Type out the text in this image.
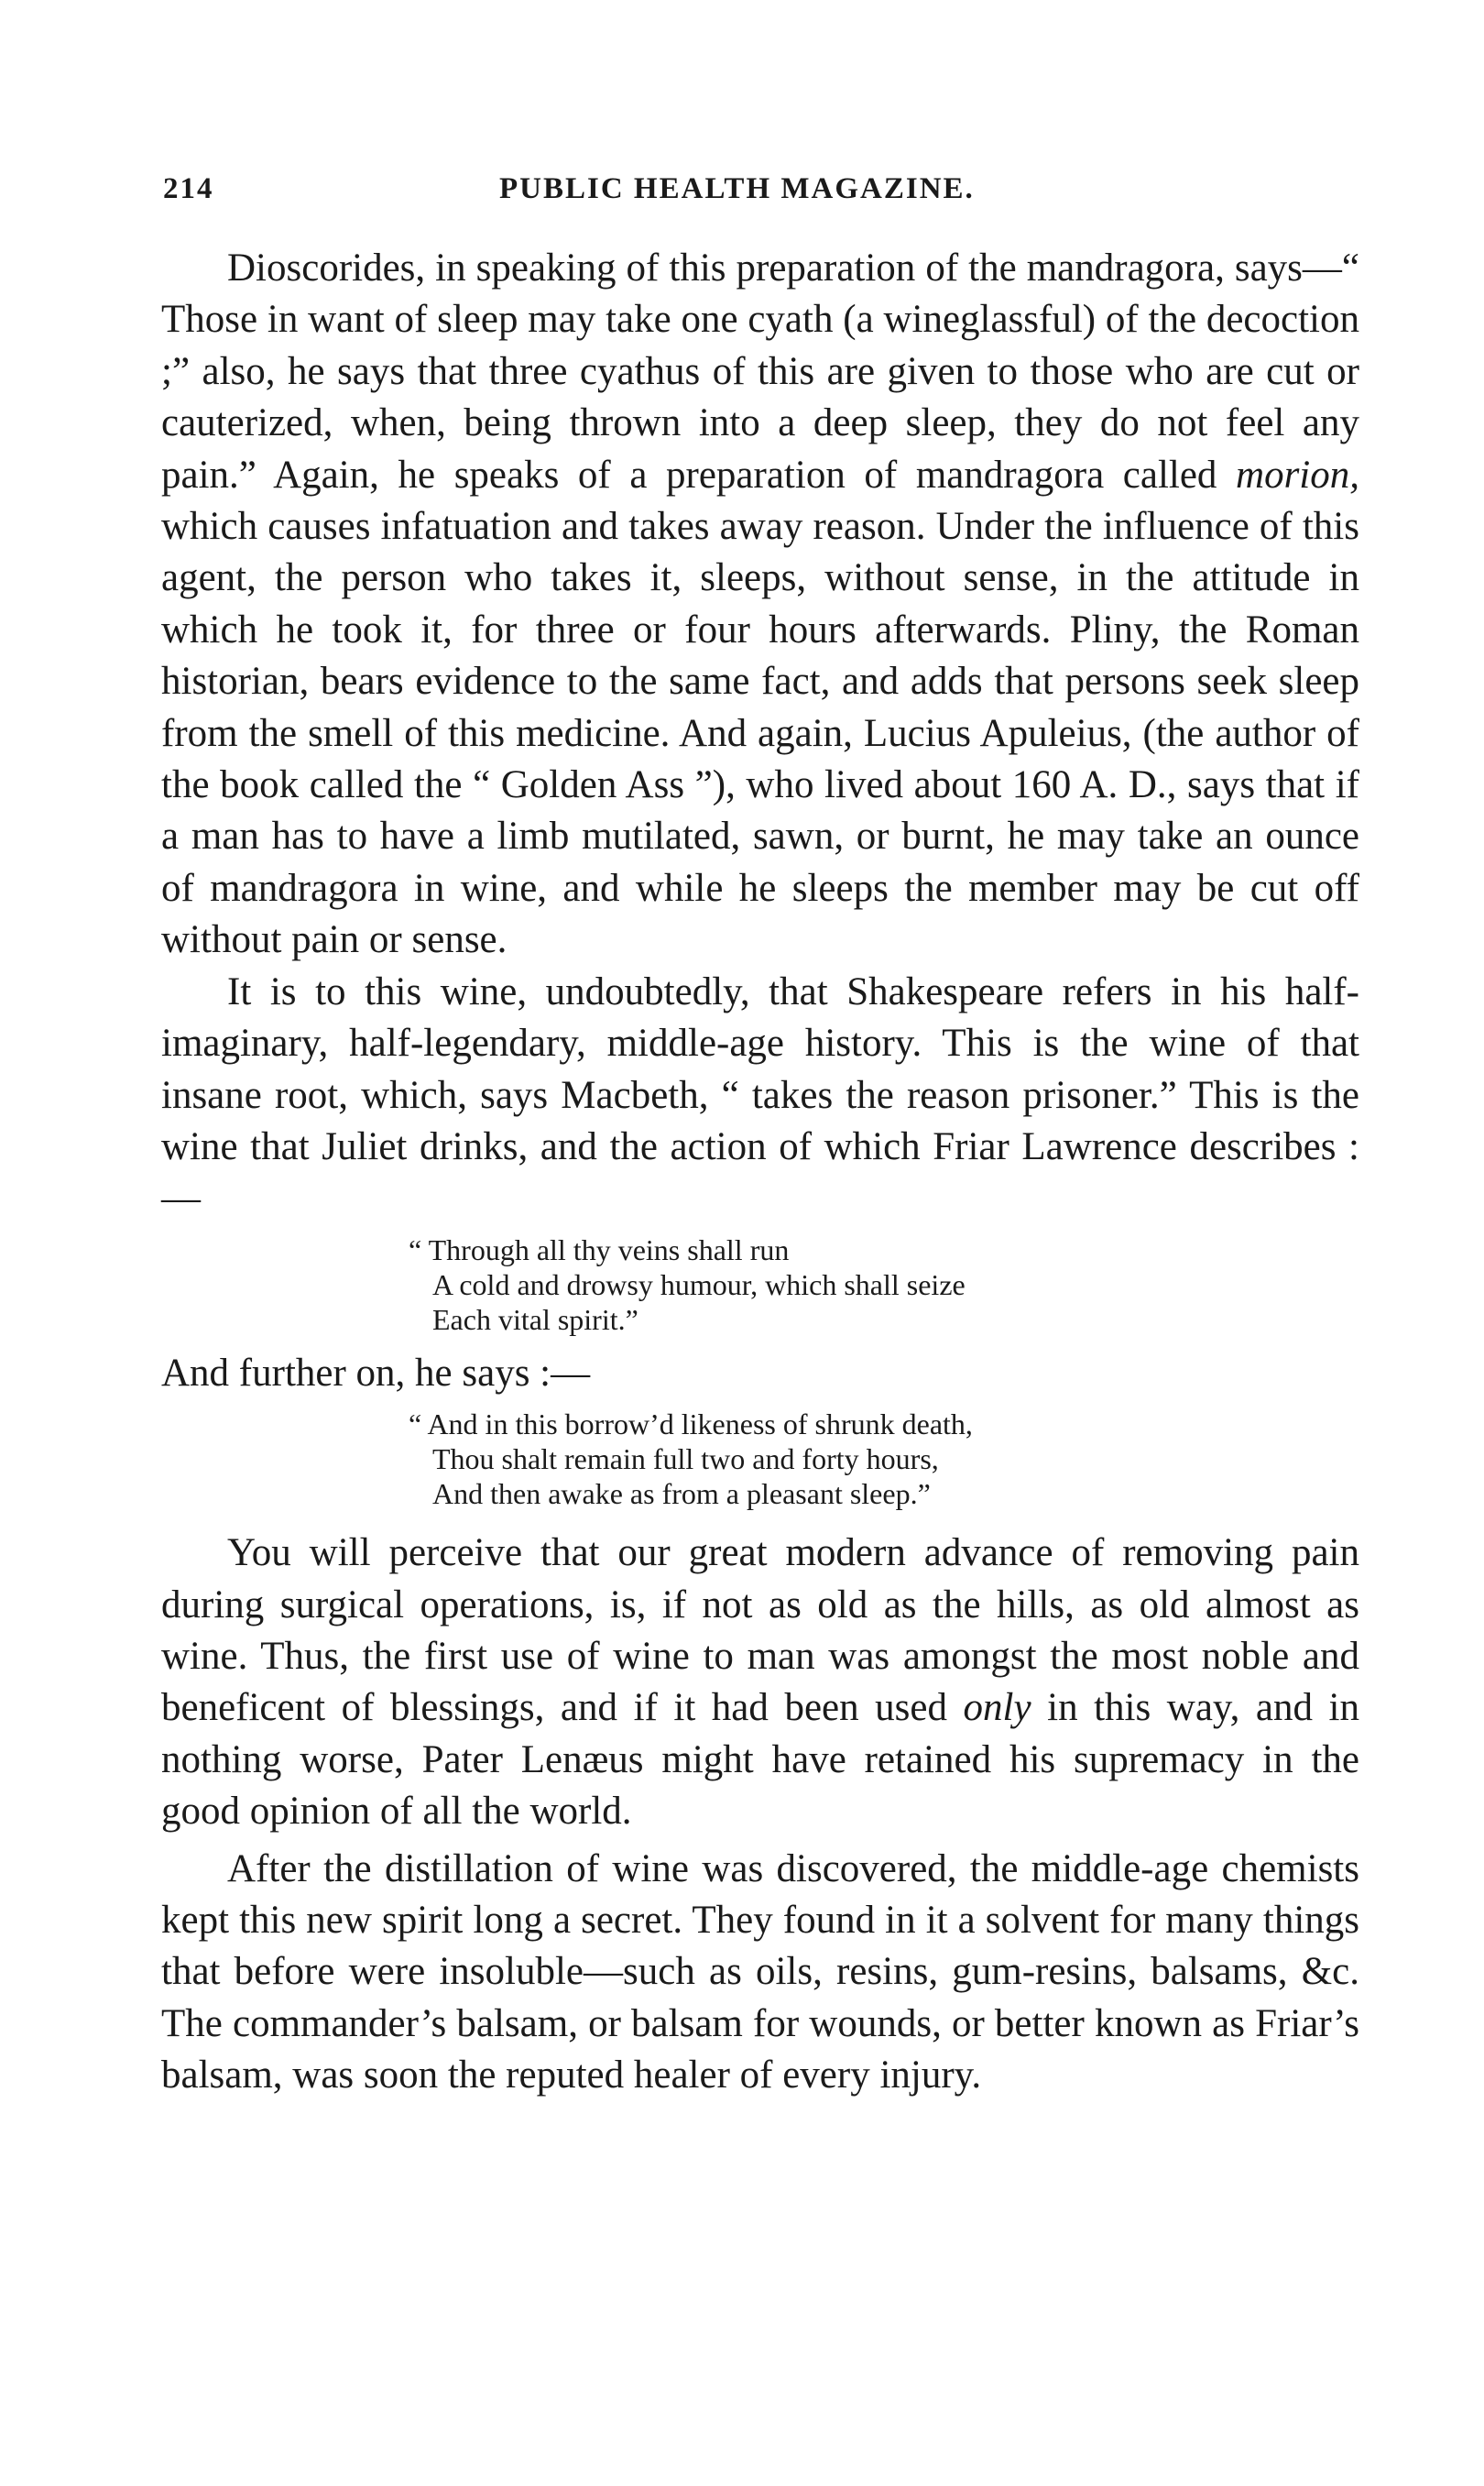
214	PUBLIC HEALTH MAGAZINE.

Dioscorides, in speaking of this preparation of the mandragora, says—“ Those in want of sleep may take one cyath (a wineglassful) of the decoction ;” also, he says that three cyathus of this are given to those who are cut or cauterized, when, being thrown into a deep sleep, they do not feel any pain.” Again, he speaks of a preparation of mandragora called morion, which causes infatuation and takes away reason. Under the influence of this agent, the person who takes it, sleeps, without sense, in the attitude in which he took it, for three or four hours afterwards. Pliny, the Roman historian, bears evidence to the same fact, and adds that persons seek sleep from the smell of this medicine. And again, Lucius Apuleius, (the author of the book called the “ Golden Ass ”), who lived about 160 A. D., says that if a man has to have a limb mutilated, sawn, or burnt, he may take an ounce of mandragora in wine, and while he sleeps the member may be cut off without pain or sense.

It is to this wine, undoubtedly, that Shakespeare refers in his half-imaginary, half-legendary, middle-age history. This is the wine of that insane root, which, says Macbeth, “ takes the reason prisoner.” This is the wine that Juliet drinks, and the action of which Friar Lawrence describes :—

“ Through all thy veins shall run
A cold and drowsy humour, which shall seize
Each vital spirit.”

And further on, he says :—

“ And in this borrow’d likeness of shrunk death,
Thou shalt remain full two and forty hours,
And then awake as from a pleasant sleep.”

You will perceive that our great modern advance of removing pain during surgical operations, is, if not as old as the hills, as old almost as wine. Thus, the first use of wine to man was amongst the most noble and beneficent of blessings, and if it had been used only in this way, and in nothing worse, Pater Lenæus might have retained his supremacy in the good opinion of all the world.

After the distillation of wine was discovered, the middle-age chemists kept this new spirit long a secret. They found in it a solvent for many things that before were insoluble—such as oils, resins, gum-resins, balsams, &c. The commander’s balsam, or balsam for wounds, or better known as Friar’s balsam, was soon the reputed healer of every injury.
